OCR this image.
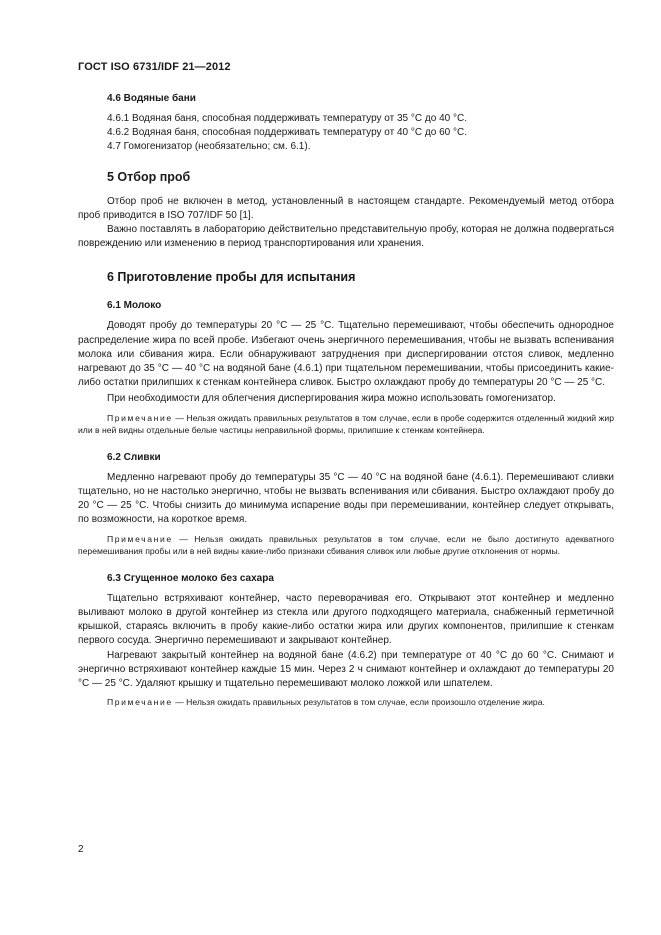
ГОСТ ISO 6731/IDF 21—2012

4.6 Водяные бани

4.6.1 Водяная баня, способная поддерживать температуру от 35 °C до 40 °C.

4.6.2 Водяная баня, способная поддерживать температуру от 40 °C до 60 °C.

4.7 Гомогенизатор (необязательно; см. 6.1).

5 Отбор проб

Отбор проб не включен в метод, установленный в настоящем стандарте. Рекомендуемый метод отбора проб приводится в ISO 707/IDF 50 [1].

Важно поставлять в лабораторию действительно представительную пробу, которая не должна подвергаться повреждению или изменению в период транспортирования или хранения.

6 Приготовление пробы для испытания

6.1 Молоко

Доводят пробу до температуры 20 °C — 25 °C. Тщательно перемешивают, чтобы обеспечить однородное распределение жира по всей пробе. Избегают очень энергичного перемешивания, чтобы не вызвать вспенивания молока или сбивания жира. Если обнаруживают затруднения при диспергировании отстоя сливок, медленно нагревают до 35 °C — 40 °C на водяной бане (4.6.1) при тщательном перемешивании, чтобы присоединить какие-либо остатки прилипших к стенкам контейнера сливок. Быстро охлаждают пробу до температуры 20 °C — 25 °C.

При необходимости для облегчения диспергирования жира можно использовать гомогенизатор.

Примечание — Нельзя ожидать правильных результатов в том случае, если в пробе содержится отделенный жидкий жир или в ней видны отдельные белые частицы неправильной формы, прилипшие к стенкам контейнера.

6.2 Сливки

Медленно нагревают пробу до температуры 35 °C — 40 °C на водяной бане (4.6.1). Перемешивают сливки тщательно, но не настолько энергично, чтобы не вызвать вспенивания или сбивания. Быстро охлаждают пробу до 20 °C — 25 °C. Чтобы снизить до минимума испарение воды при перемешивании, контейнер следует открывать, по возможности, на короткое время.

Примечание — Нельзя ожидать правильных результатов в том случае, если не было достигнуто адекватного перемешивания пробы или в ней видны какие-либо признаки сбивания сливок или любые другие отклонения от нормы.

6.3 Сгущенное молоко без сахара

Тщательно встряхивают контейнер, часто переворачивая его. Открывают этот контейнер и медленно выливают молоко в другой контейнер из стекла или другого подходящего материала, снабженный герметичной крышкой, стараясь включить в пробу какие-либо остатки жира или других компонентов, прилипшие к стенкам первого сосуда. Энергично перемешивают и закрывают контейнер.

Нагревают закрытый контейнер на водяной бане (4.6.2) при температуре от 40 °C до 60 °C. Снимают и энергично встряхивают контейнер каждые 15 мин. Через 2 ч снимают контейнер и охлаждают до температуры 20 °C — 25 °C. Удаляют крышку и тщательно перемешивают молоко ложкой или шпателем.

Примечание — Нельзя ожидать правильных результатов в том случае, если произошло отделение жира.

2
